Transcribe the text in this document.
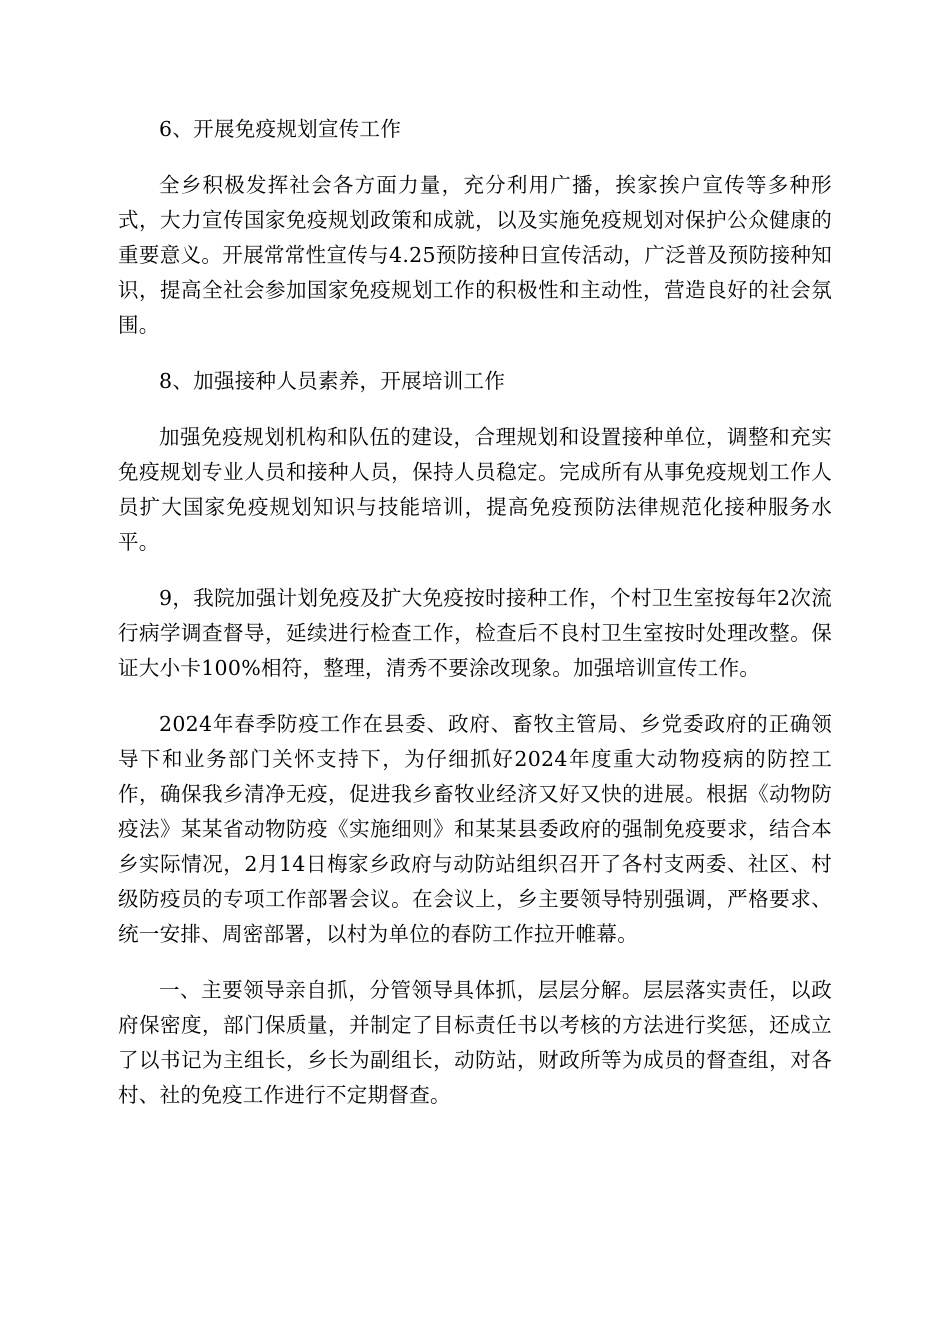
6、开展免疫规划宣传工作

全乡积极发挥社会各方面力量，充分利用广播，挨家挨户宣传等多种形式，大力宣传国家免疫规划政策和成就，以及实施免疫规划对保护公众健康的重要意义。开展常常性宣传与4.25预防接种日宣传活动，广泛普及预防接种知识，提高全社会参加国家免疫规划工作的积极性和主动性，营造良好的社会氛围。

8、加强接种人员素养，开展培训工作

加强免疫规划机构和队伍的建设，合理规划和设置接种单位，调整和充实免疫规划专业人员和接种人员，保持人员稳定。完成所有从事免疫规划工作人员扩大国家免疫规划知识与技能培训，提高免疫预防法律规范化接种服务水平。

9，我院加强计划免疫及扩大免疫按时接种工作，个村卫生室按每年2次流行病学调查督导，延续进行检查工作，检查后不良村卫生室按时处理改整。保证大小卡100%相符，整理，清秀不要涂改现象。加强培训宣传工作。

2024年春季防疫工作在县委、政府、畜牧主管局、乡党委政府的正确领导下和业务部门关怀支持下，为仔细抓好2024年度重大动物疫病的防控工作，确保我乡清净无疫，促进我乡畜牧业经济又好又快的进展。根据《动物防疫法》某某省动物防疫《实施细则》和某某县委政府的强制免疫要求，结合本乡实际情况，2月14日梅家乡政府与动防站组织召开了各村支两委、社区、村级防疫员的专项工作部署会议。在会议上，乡主要领导特别强调，严格要求、统一安排、周密部署，以村为单位的春防工作拉开帷幕。

一、主要领导亲自抓，分管领导具体抓，层层分解。层层落实责任，以政府保密度，部门保质量，并制定了目标责任书以考核的方法进行奖惩，还成立了以书记为主组长，乡长为副组长，动防站，财政所等为成员的督查组，对各村、社的免疫工作进行不定期督查。
